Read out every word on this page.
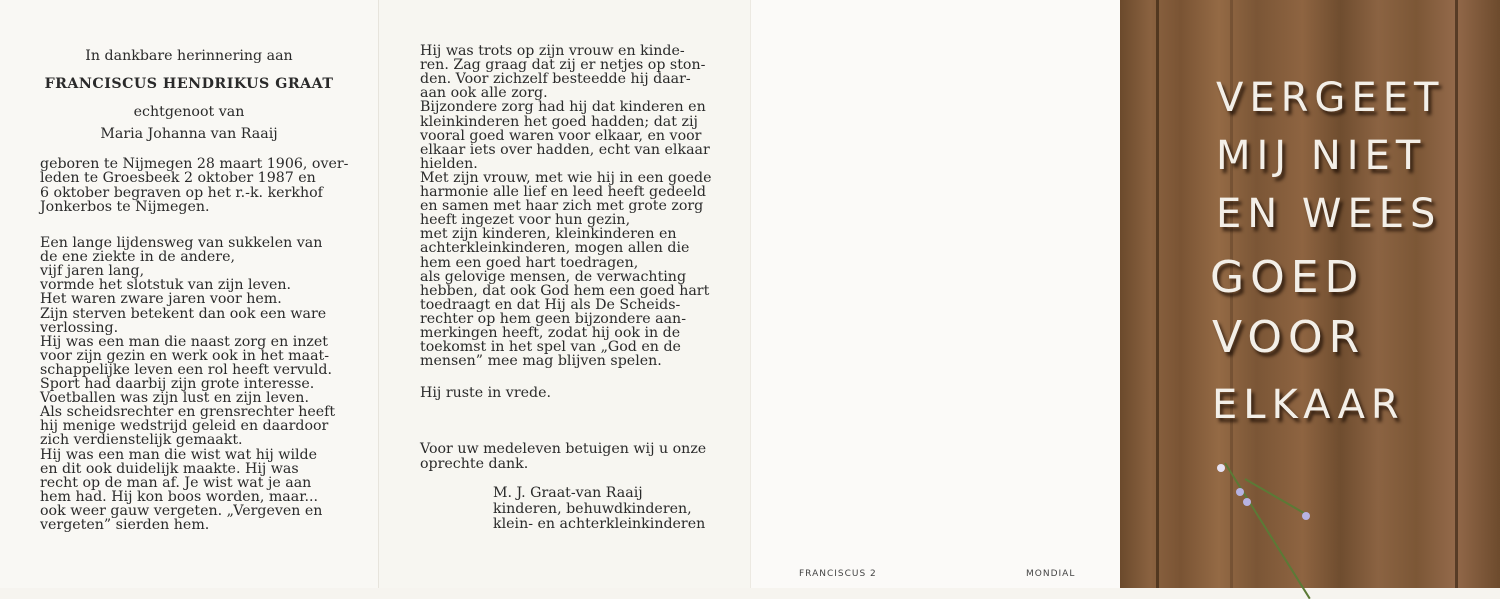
In dankbare herinnering aan
FRANCISCUS HENDRIKUS GRAAT
echtgenoot van
Maria Johanna van Raaij
geboren te Nijmegen 28 maart 1906, over-
leden te Groesbeek 2 oktober 1987 en
6 oktober begraven op het r.-k. kerkhof
Jonkerbos te Nijmegen.
Een lange lijdensweg van sukkelen van
de ene ziekte in de andere,
vijf jaren lang,
vormde het slotstuk van zijn leven.
Het waren zware jaren voor hem.
Zijn sterven betekent dan ook een ware
verlossing.
Hij was een man die naast zorg en inzet
voor zijn gezin en werk ook in het maat-
schappelijke leven een rol heeft vervuld.
Sport had daarbij zijn grote interesse.
Voetballen was zijn lust en zijn leven.
Als scheidsrechter en grensrechter heeft
hij menige wedstrijd geleid en daardoor
zich verdienstelijk gemaakt.
Hij was een man die wist wat hij wilde
en dit ook duidelijk maakte. Hij was
recht op de man af. Je wist wat je aan
hem had. Hij kon boos worden, maar...
ook weer gauw vergeten. „Vergeven en
vergeten” sierden hem.
Hij was trots op zijn vrouw en kinde-
ren. Zag graag dat zij er netjes op ston-
den. Voor zichzelf besteedde hij daar-
aan ook alle zorg.
Bijzondere zorg had hij dat kinderen en
kleinkinderen het goed hadden; dat zij
vooral goed waren voor elkaar, en voor
elkaar iets over hadden, echt van elkaar
hielden.
Met zijn vrouw, met wie hij in een goede
harmonie alle lief en leed heeft gedeeld
en samen met haar zich met grote zorg
heeft ingezet voor hun gezin,
met zijn kinderen, kleinkinderen en
achterkleinkinderen, mogen allen die
hem een goed hart toedragen,
als gelovige mensen, de verwachting
hebben, dat ook God hem een goed hart
toedraagt en dat Hij als De Scheids-
rechter op hem geen bijzondere aan-
merkingen heeft, zodat hij ook in de
toekomst in het spel van „God en de
mensen” mee mag blijven spelen.
Hij ruste in vrede.
Voor uw medeleven betuigen wij u onze
oprechte dank.
M. J. Graat-van Raaij
kinderen, behuwdkinderen,
klein- en achterkleinkinderen
FRANCISCUS 2	MONDIAL
VERGEET
MIJ NIET
EN WEES
GOED
VOOR
ELKAAR
